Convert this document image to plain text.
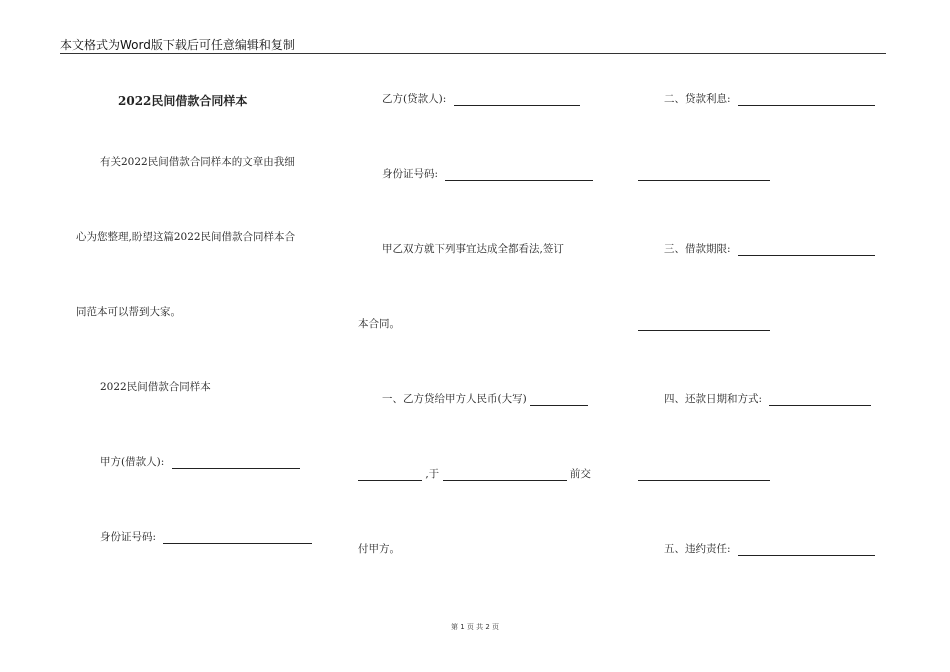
本文格式为Word版下载后可任意编辑和复制
2022民间借款合同样本
有关2022民间借款合同样本的文章由我细
心为您整理,盼望这篇2022民间借款合同样本合
同范本可以帮到大家。
2022民间借款合同样本
甲方(借款人):
身份证号码:
乙方(贷款人):
身份证号码:
甲乙双方就下列事宜达成全都看法,签订
本合同。
一、乙方贷给甲方人民币(大写)
,于	前交
付甲方。
二、贷款利息:
三、借款期限:
四、还款日期和方式:
五、违约责任:
第 1 页 共 2 页
